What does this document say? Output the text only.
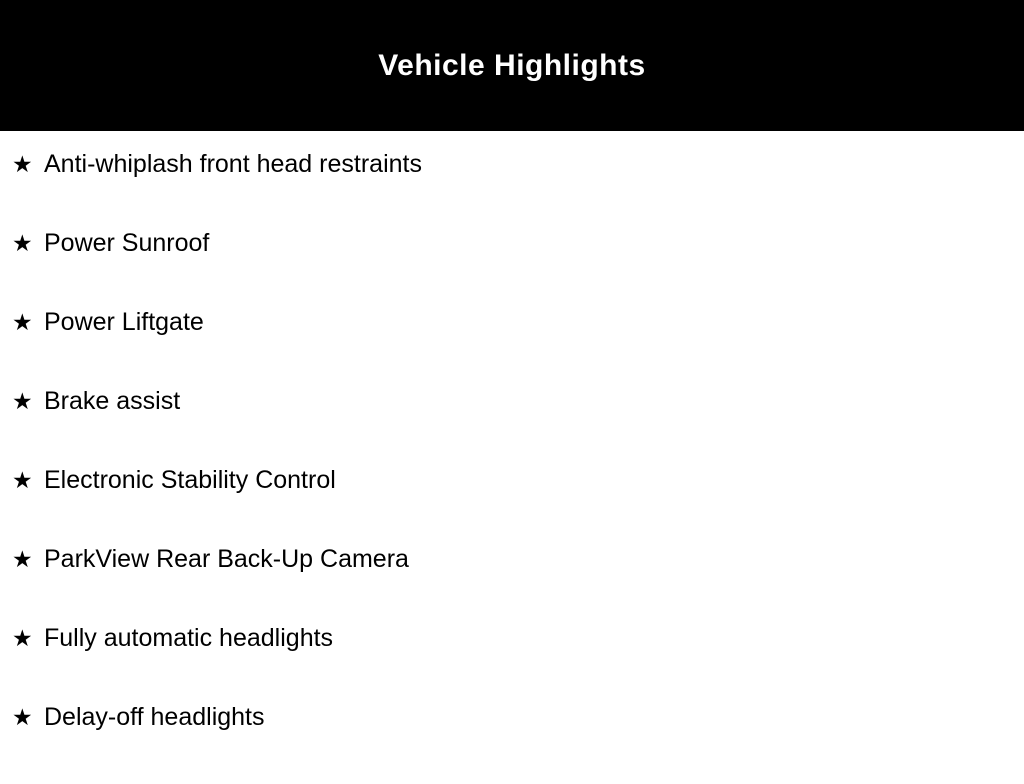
Vehicle Highlights
★ Anti-whiplash front head restraints
★ Power Sunroof
★ Power Liftgate
★ Brake assist
★ Electronic Stability Control
★ ParkView Rear Back-Up Camera
★ Fully automatic headlights
★ Delay-off headlights
